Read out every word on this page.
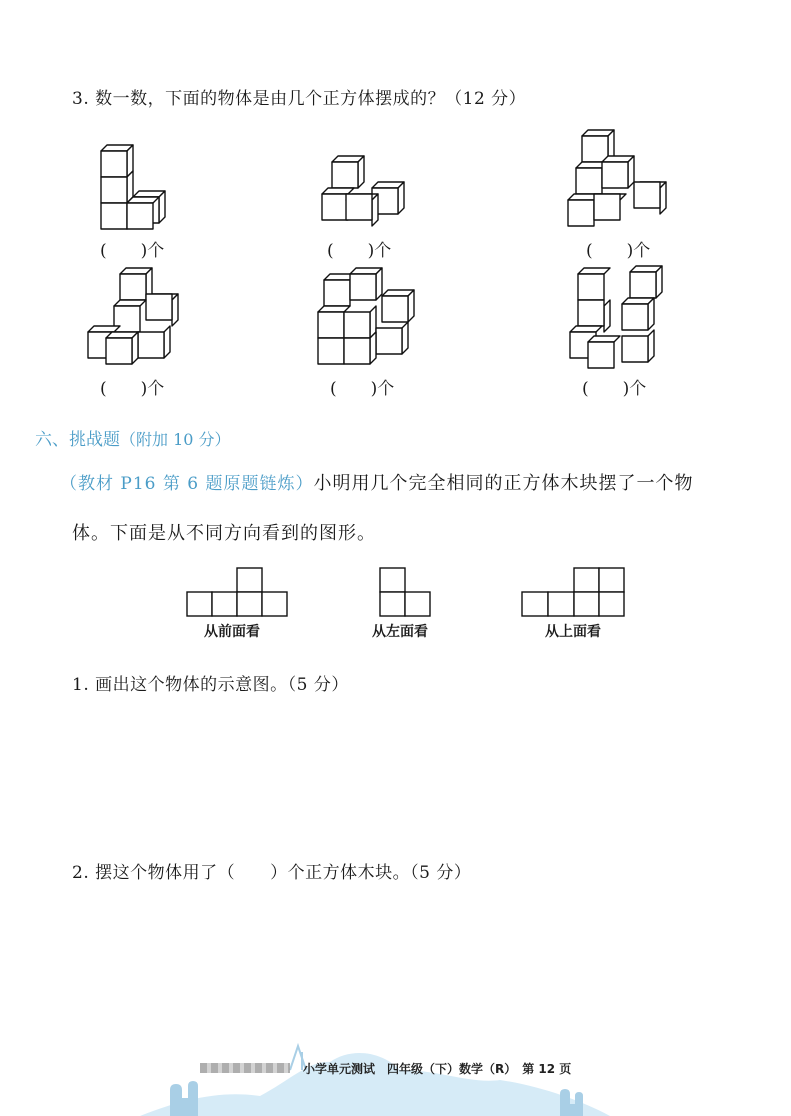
3. 数一数，下面的物体是由几个正方体摆成的？（12 分）
(　　)个	(　　)个	(　　)个
(　　)个	(　　)个	(　　)个
六、挑战题（附加 10 分）
（教材 P16 第 6 题原题链炼）小明用几个完全相同的正方体木块摆了一个物
体。下面是从不同方向看到的图形。
从前面看	从左面看	从上面看
1. 画出这个物体的示意图。（5 分）
2. 摆这个物体用了（　　）个正方体木块。（5 分）
小学单元测试　四年级（下）数学（R）　第 12 页
